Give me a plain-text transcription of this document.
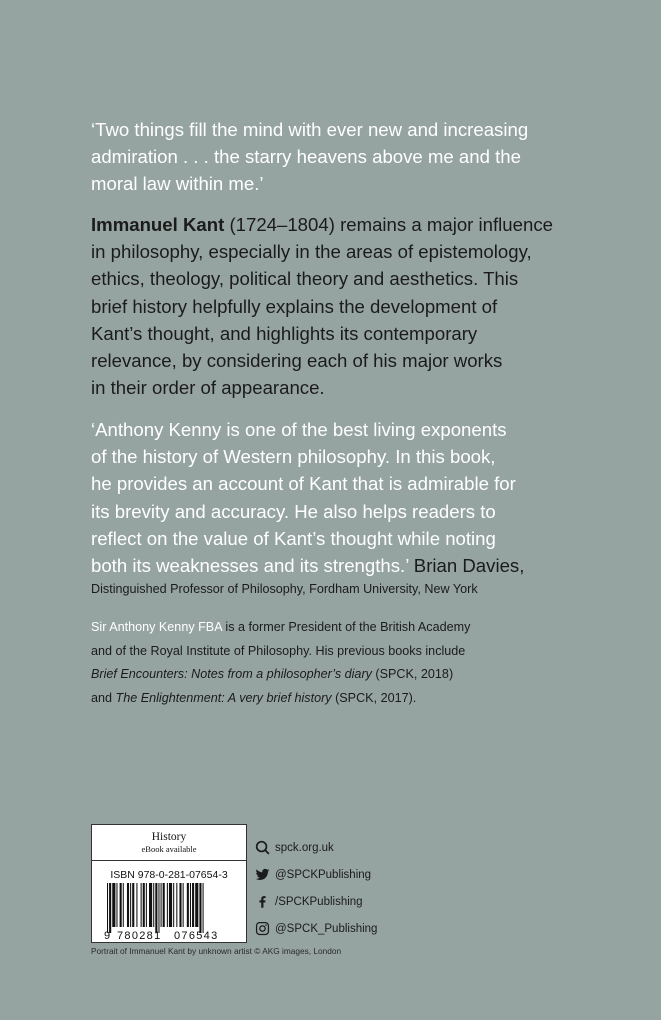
‘Two things fill the mind with ever new and increasing
admiration . . . the starry heavens above me and the
moral law within me.’
Immanuel Kant (1724–1804) remains a major influence
in philosophy, especially in the areas of epistemology,
ethics, theology, political theory and aesthetics. This
brief history helpfully explains the development of
Kant’s thought, and highlights its contemporary
relevance, by considering each of his major works
in their order of appearance.
‘Anthony Kenny is one of the best living exponents
of the history of Western philosophy. In this book,
he provides an account of Kant that is admirable for
its brevity and accuracy. He also helps readers to
reflect on the value of Kant’s thought while noting
both its weaknesses and its strengths.’ Brian Davies,
Distinguished Professor of Philosophy, Fordham University, New York
Sir Anthony Kenny FBA is a former President of the British Academy
and of the Royal Institute of Philosophy. His previous books include
Brief Encounters: Notes from a philosopher’s diary (SPCK, 2018)
and The Enlightenment: A very brief history (SPCK, 2017).
History
eBook available
ISBN 978-0-281-07654-3
9 780281 076543
spck.org.uk
@SPCKPublishing
/SPCKPublishing
@SPCK_Publishing
Portrait of Immanuel Kant by unknown artist © AKG images, London
